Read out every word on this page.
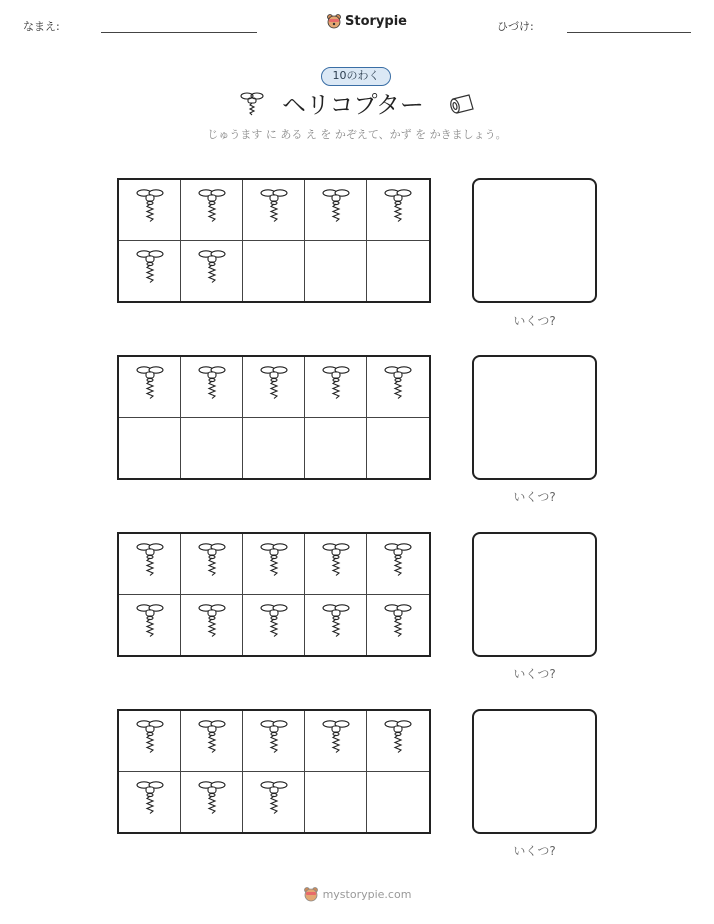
なまえ:	Storypie	ひづけ:
10のわく
ヘリコプター
じゅうます に ある え を かぞえて、かず を かきましょう。
いくつ?
いくつ?
いくつ?
いくつ?
mystorypie.com
